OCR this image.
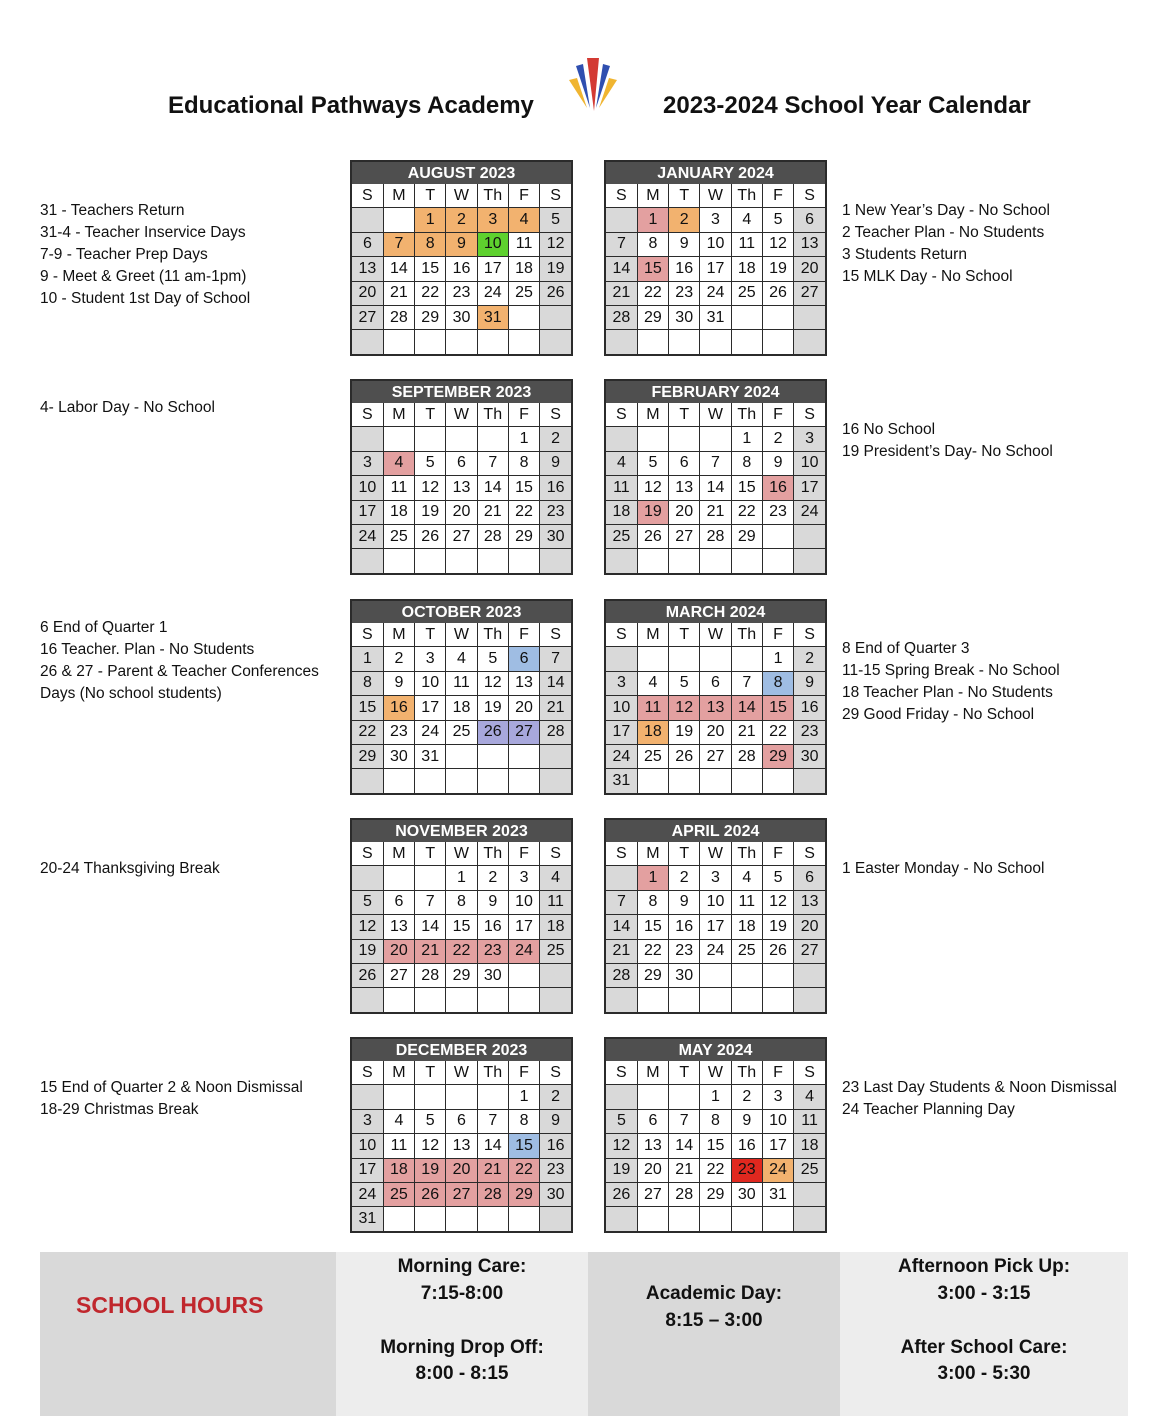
Educational Pathways Academy	2023-2024 School Year Calendar
AUGUST 2023
S	M	T	W	Th	F	S
		1	2	3	4	5
6	7	8	9	10	11	12
13	14	15	16	17	18	19
20	21	22	23	24	25	26
27	28	29	30	31		

JANUARY 2024
S	M	T	W	Th	F	S
	1	2	3	4	5	6
7	8	9	10	11	12	13
14	15	16	17	18	19	20
21	22	23	24	25	26	27
28	29	30	31			

SEPTEMBER 2023
S	M	T	W	Th	F	S
					1	2
3	4	5	6	7	8	9
10	11	12	13	14	15	16
17	18	19	20	21	22	23
24	25	26	27	28	29	30

FEBRUARY 2024
S	M	T	W	Th	F	S
				1	2	3
4	5	6	7	8	9	10
11	12	13	14	15	16	17
18	19	20	21	22	23	24
25	26	27	28	29		

OCTOBER 2023
S	M	T	W	Th	F	S
1	2	3	4	5	6	7
8	9	10	11	12	13	14
15	16	17	18	19	20	21
22	23	24	25	26	27	28
29	30	31				

MARCH 2024
S	M	T	W	Th	F	S
					1	2
3	4	5	6	7	8	9
10	11	12	13	14	15	16
17	18	19	20	21	22	23
24	25	26	27	28	29	30
31						
NOVEMBER 2023
S	M	T	W	Th	F	S
			1	2	3	4
5	6	7	8	9	10	11
12	13	14	15	16	17	18
19	20	21	22	23	24	25
26	27	28	29	30		

APRIL 2024
S	M	T	W	Th	F	S
	1	2	3	4	5	6
7	8	9	10	11	12	13
14	15	16	17	18	19	20
21	22	23	24	25	26	27
28	29	30				

DECEMBER 2023
S	M	T	W	Th	F	S
					1	2
3	4	5	6	7	8	9
10	11	12	13	14	15	16
17	18	19	20	21	22	23
24	25	26	27	28	29	30
31						
MAY 2024
S	M	T	W	Th	F	S
			1	2	3	4
5	6	7	8	9	10	11
12	13	14	15	16	17	18
19	20	21	22	23	24	25
26	27	28	29	30	31	

31 - Teachers Return
31-4 - Teacher Inservice Days
7-9 - Teacher Prep Days
9 - Meet & Greet (11 am-1pm)
10 - Student 1st Day of School
1 New Year’s Day - No School
2 Teacher Plan - No Students
3 Students Return
15 MLK Day - No School
4- Labor Day - No School
16 No School
19 President’s Day- No School
6 End of Quarter 1
16 Teacher. Plan - No Students
26 & 27 - Parent & Teacher Conferences
Days (No school students)
8 End of Quarter 3
11-15 Spring Break - No School
18 Teacher Plan - No Students
29 Good Friday - No School
20-24 Thanksgiving Break	1 Easter Monday - No School
15 End of Quarter 2 & Noon Dismissal
18-29 Christmas Break
23 Last Day Students & Noon Dismissal
24 Teacher Planning Day
SCHOOL HOURS
Morning Care:
7:15-8:00
Morning Drop Off:
8:00 - 8:15
Academic Day:
8:15 – 3:00
Afternoon Pick Up:
3:00 - 3:15
After School Care:
3:00 - 5:30
